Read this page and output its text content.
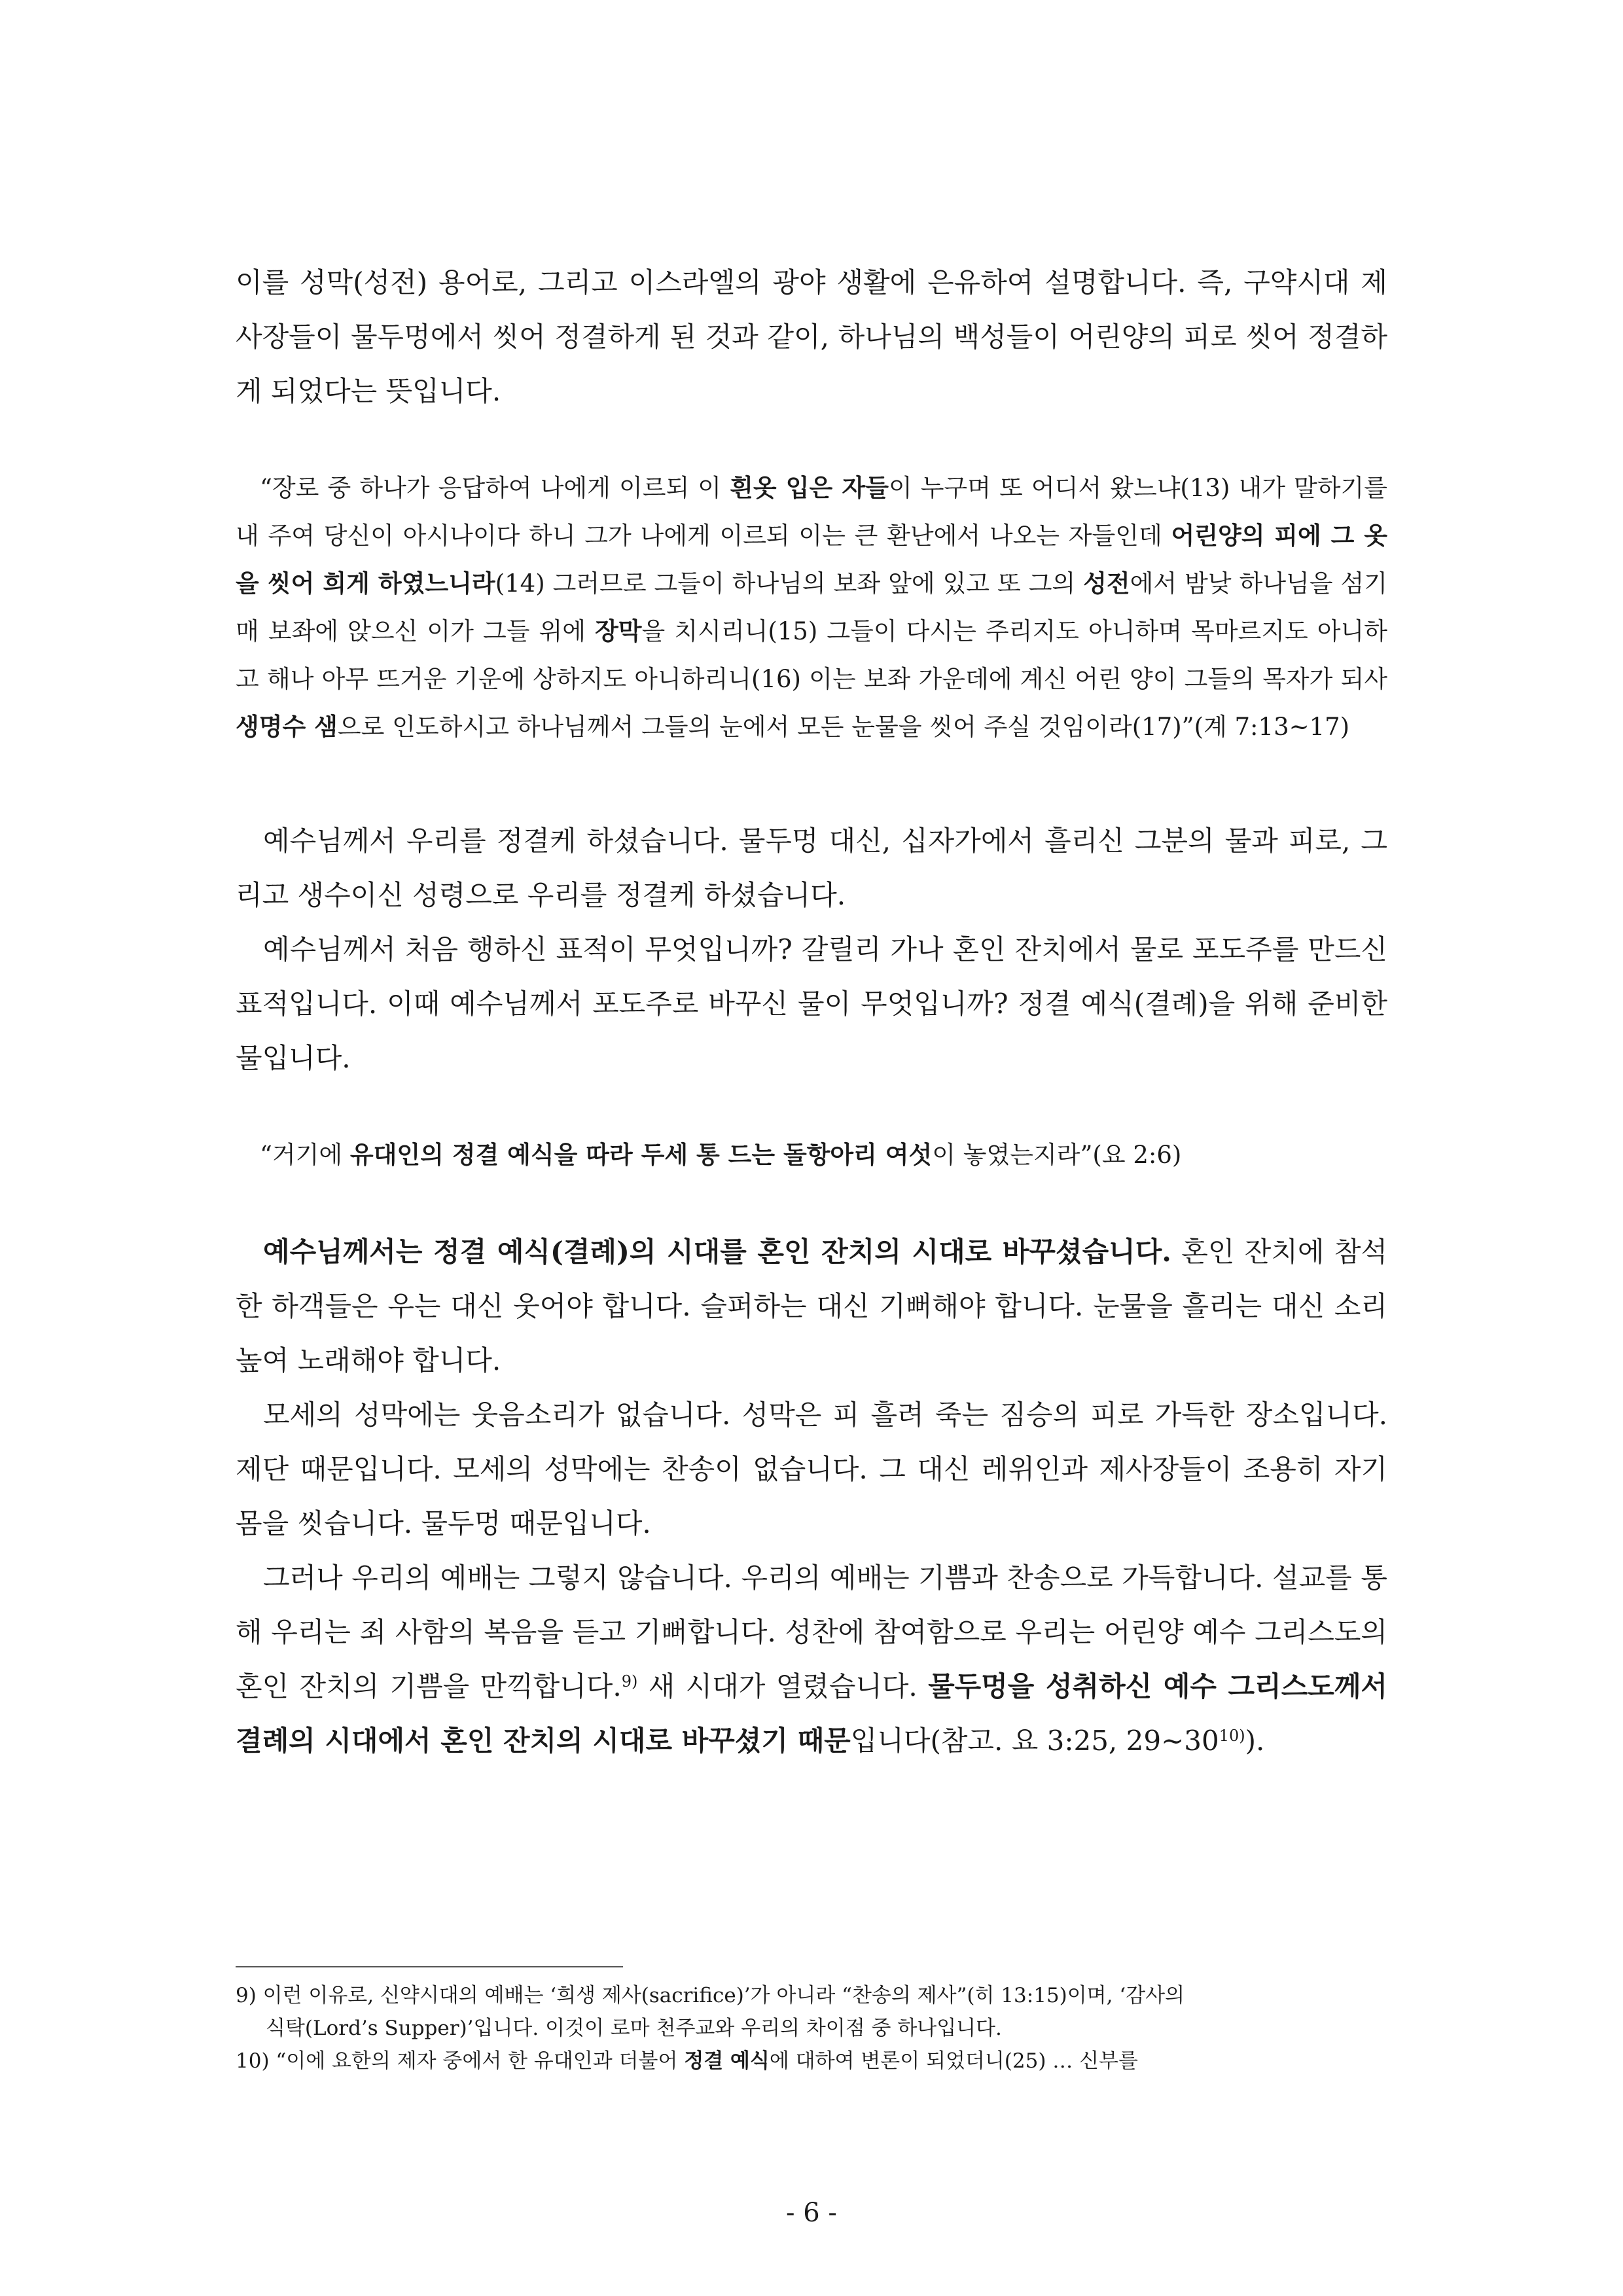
이를 성막(성전) 용어로, 그리고 이스라엘의 광야 생활에 은유하여 설명합니다. 즉, 구약시대 제사장들이 물두멍에서 씻어 정결하게 된 것과 같이, 하나님의 백성들이 어린양의 피로 씻어 정결하게 되었다는 뜻입니다.

“장로 중 하나가 응답하여 나에게 이르되 이 흰옷 입은 자들이 누구며 또 어디서 왔느냐(13) 내가 말하기를 내 주여 당신이 아시나이다 하니 그가 나에게 이르되 이는 큰 환난에서 나오는 자들인데 어린양의 피에 그 옷을 씻어 희게 하였느니라(14) 그러므로 그들이 하나님의 보좌 앞에 있고 또 그의 성전에서 밤낮 하나님을 섬기매 보좌에 앉으신 이가 그들 위에 장막을 치시리니(15) 그들이 다시는 주리지도 아니하며 목마르지도 아니하고 해나 아무 뜨거운 기운에 상하지도 아니하리니(16) 이는 보좌 가운데에 계신 어린 양이 그들의 목자가 되사 생명수 샘으로 인도하시고 하나님께서 그들의 눈에서 모든 눈물을 씻어 주실 것임이라(17)”(계 7:13~17)

예수님께서 우리를 정결케 하셨습니다. 물두멍 대신, 십자가에서 흘리신 그분의 물과 피로, 그리고 생수이신 성령으로 우리를 정결케 하셨습니다.

예수님께서 처음 행하신 표적이 무엇입니까? 갈릴리 가나 혼인 잔치에서 물로 포도주를 만드신 표적입니다. 이때 예수님께서 포도주로 바꾸신 물이 무엇입니까? 정결 예식(결례)을 위해 준비한 물입니다.

“거기에 유대인의 정결 예식을 따라 두세 통 드는 돌항아리 여섯이 놓였는지라”(요 2:6)

예수님께서는 정결 예식(결례)의 시대를 혼인 잔치의 시대로 바꾸셨습니다. 혼인 잔치에 참석한 하객들은 우는 대신 웃어야 합니다. 슬퍼하는 대신 기뻐해야 합니다. 눈물을 흘리는 대신 소리 높여 노래해야 합니다.

모세의 성막에는 웃음소리가 없습니다. 성막은 피 흘려 죽는 짐승의 피로 가득한 장소입니다. 제단 때문입니다. 모세의 성막에는 찬송이 없습니다. 그 대신 레위인과 제사장들이 조용히 자기 몸을 씻습니다. 물두멍 때문입니다.

그러나 우리의 예배는 그렇지 않습니다. 우리의 예배는 기쁨과 찬송으로 가득합니다. 설교를 통해 우리는 죄 사함의 복음을 듣고 기뻐합니다. 성찬에 참여함으로 우리는 어린양 예수 그리스도의 혼인 잔치의 기쁨을 만끽합니다.$^{9)}$ 새 시대가 열렸습니다. 물두멍을 성취하신 예수 그리스도께서 결례의 시대에서 혼인 잔치의 시대로 바꾸셨기 때문입니다(참고. 요 3:25, 29~30$^{10)}$).

9) 이런 이유로, 신약시대의 예배는 ‘희생 제사(sacrifice)’가 아니라 “찬송의 제사”(히 13:15)이며, ‘감사의
식탁(Lord’s Supper)’입니다. 이것이 로마 천주교와 우리의 차이점 중 하나입니다.

10) “이에 요한의 제자 중에서 한 유대인과 더불어 정결 예식에 대하여 변론이 되었더니(25) … 신부를

- 6 -
